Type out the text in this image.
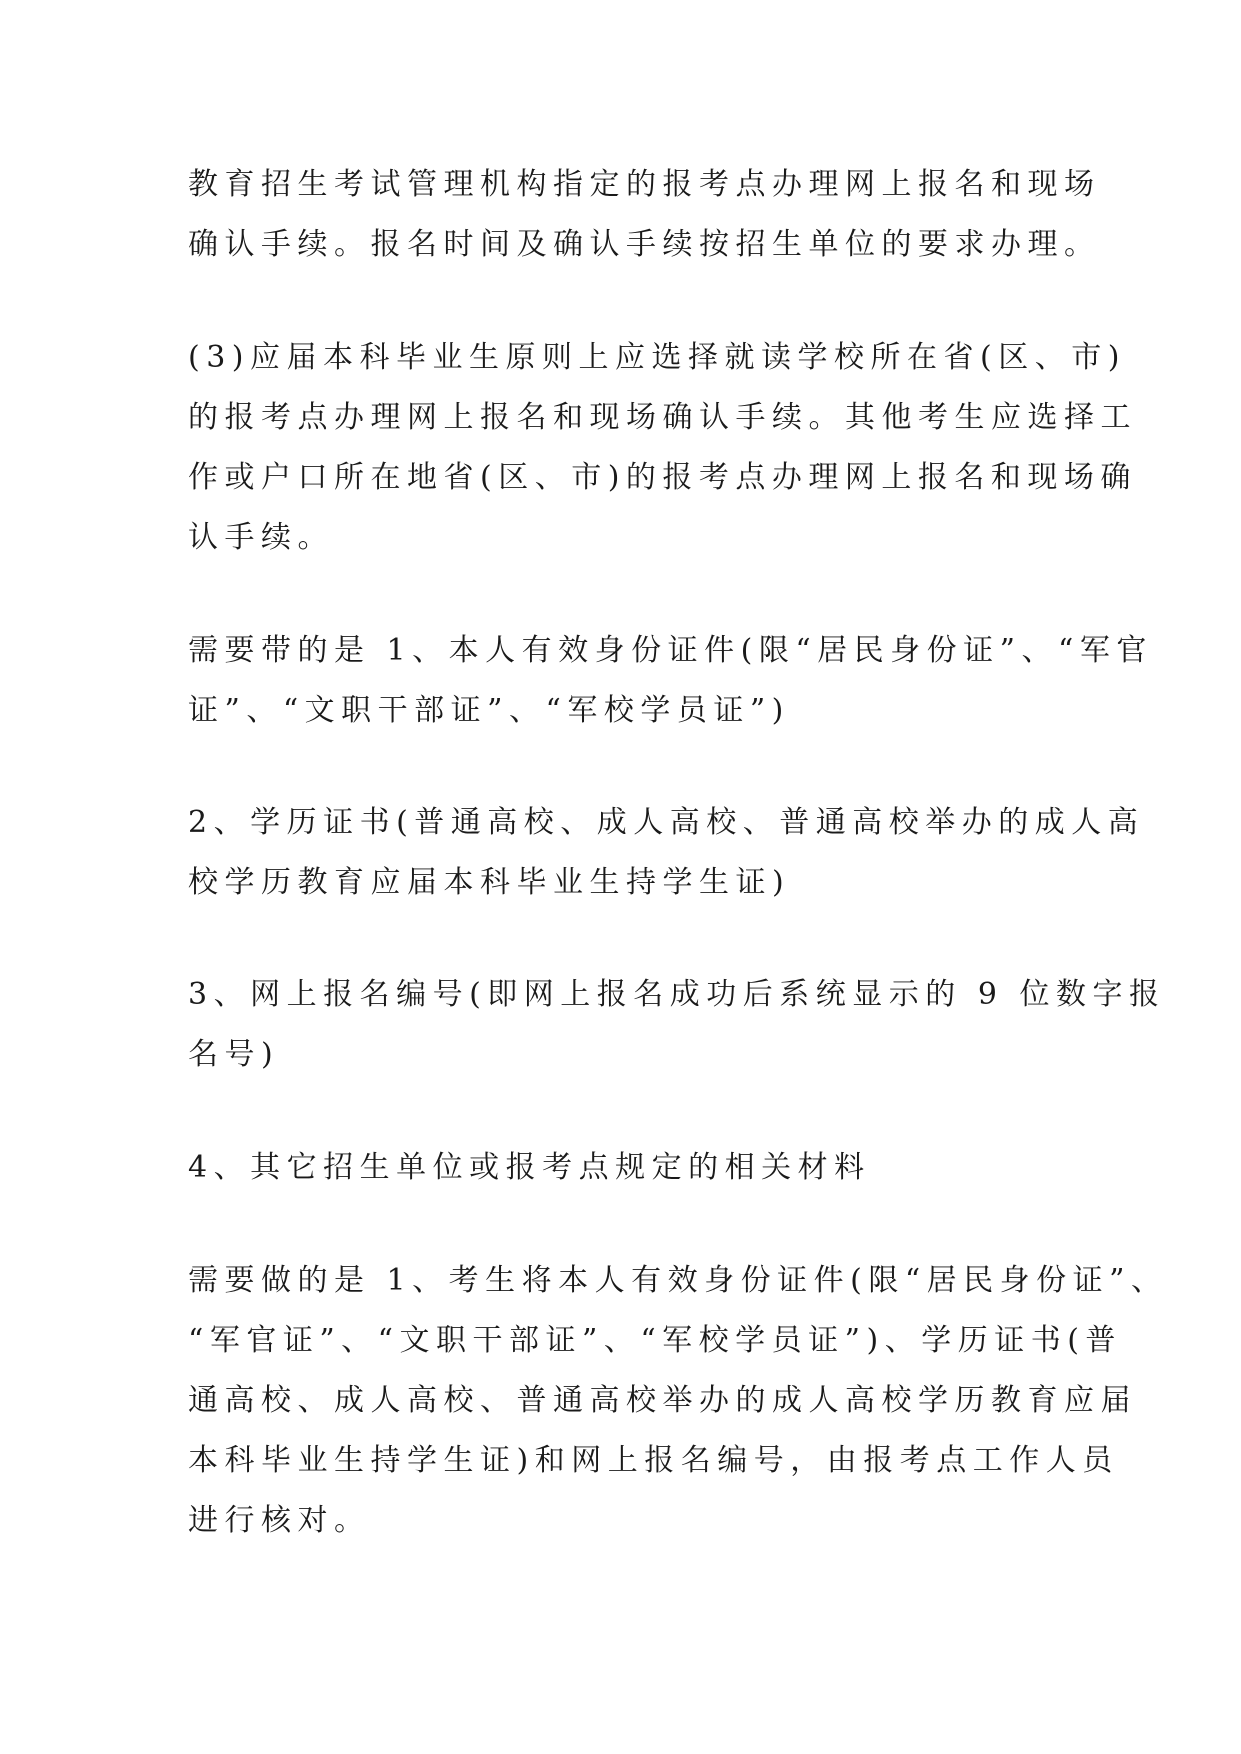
教育招生考试管理机构指定的报考点办理网上报名和现场
确认手续。报名时间及确认手续按招生单位的要求办理。
(3)应届本科毕业生原则上应选择就读学校所在省(区、市)
的报考点办理网上报名和现场确认手续。其他考生应选择工
作或户口所在地省(区、市)的报考点办理网上报名和现场确
认手续。
需要带的是 1、本人有效身份证件(限“居民身份证”、“军官
证”、“文职干部证”、“军校学员证”)
2、学历证书(普通高校、成人高校、普通高校举办的成人高
校学历教育应届本科毕业生持学生证)
3、网上报名编号(即网上报名成功后系统显示的 9 位数字报
名号)
4、其它招生单位或报考点规定的相关材料
需要做的是 1、考生将本人有效身份证件(限“居民身份证”、
“军官证”、“文职干部证”、“军校学员证”)、学历证书(普
通高校、成人高校、普通高校举办的成人高校学历教育应届
本科毕业生持学生证)和网上报名编号，由报考点工作人员
进行核对。
